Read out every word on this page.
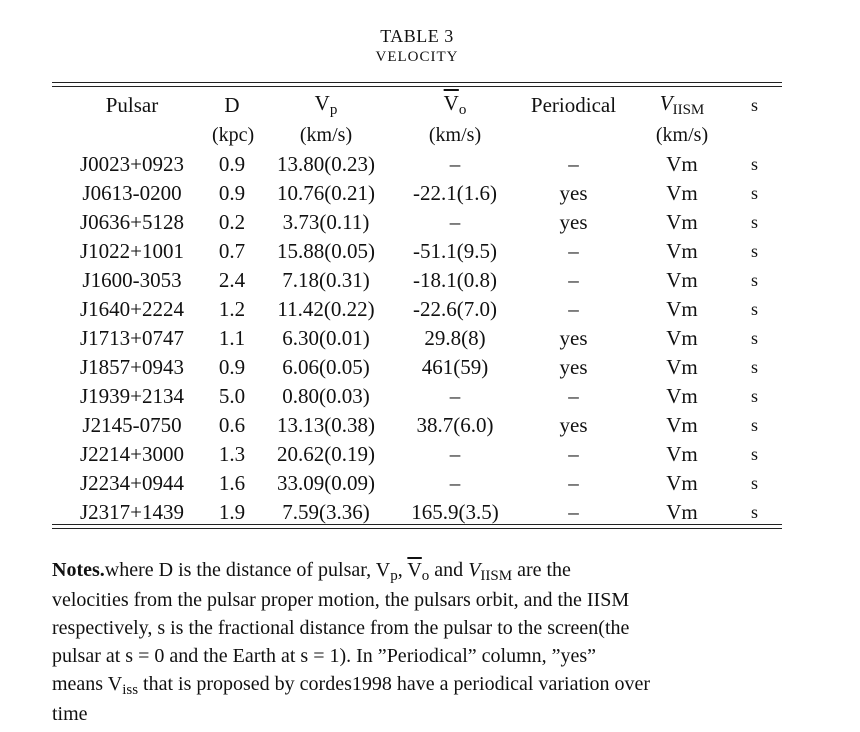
TABLE 3
VELOCITY
Pulsar	D	Vp	$\overline{V}o$	Periodical	VIISM	s
	(kpc)	(km/s)	(km/s)		(km/s)	
J0023+0923	0.9	13.80(0.23)	–	–	Vm	s
J0613-0200	0.9	10.76(0.21)	-22.1(1.6)	yes	Vm	s
J0636+5128	0.2	3.73(0.11)	–	yes	Vm	s
J1022+1001	0.7	15.88(0.05)	-51.1(9.5)	–	Vm	s
J1600-3053	2.4	7.18(0.31)	-18.1(0.8)	–	Vm	s
J1640+2224	1.2	11.42(0.22)	-22.6(7.0)	–	Vm	s
J1713+0747	1.1	6.30(0.01)	29.8(8)	yes	Vm	s
J1857+0943	0.9	6.06(0.05)	461(59)	yes	Vm	s
J1939+2134	5.0	0.80(0.03)	–	–	Vm	s
J2145-0750	0.6	13.13(0.38)	38.7(6.0)	yes	Vm	s
J2214+3000	1.3	20.62(0.19)	–	–	Vm	s
J2234+0944	1.6	33.09(0.09)	–	–	Vm	s
J2317+1439	1.9	7.59(3.36)	165.9(3.5)	–	Vm	s
Notes.where D is the distance of pulsar, $V_p$, $\overline{V}_o$ and $V_{IISM}$ are the velocities from the pulsar proper motion, the pulsars orbit, and the IISM respectively, s is the fractional distance from the pulsar to the screen(the pulsar at s = 0 and the Earth at s = 1). In ”Periodical” column, ”yes” means $V_{iss}$ that is proposed by cordes1998 have a periodical variation over time
